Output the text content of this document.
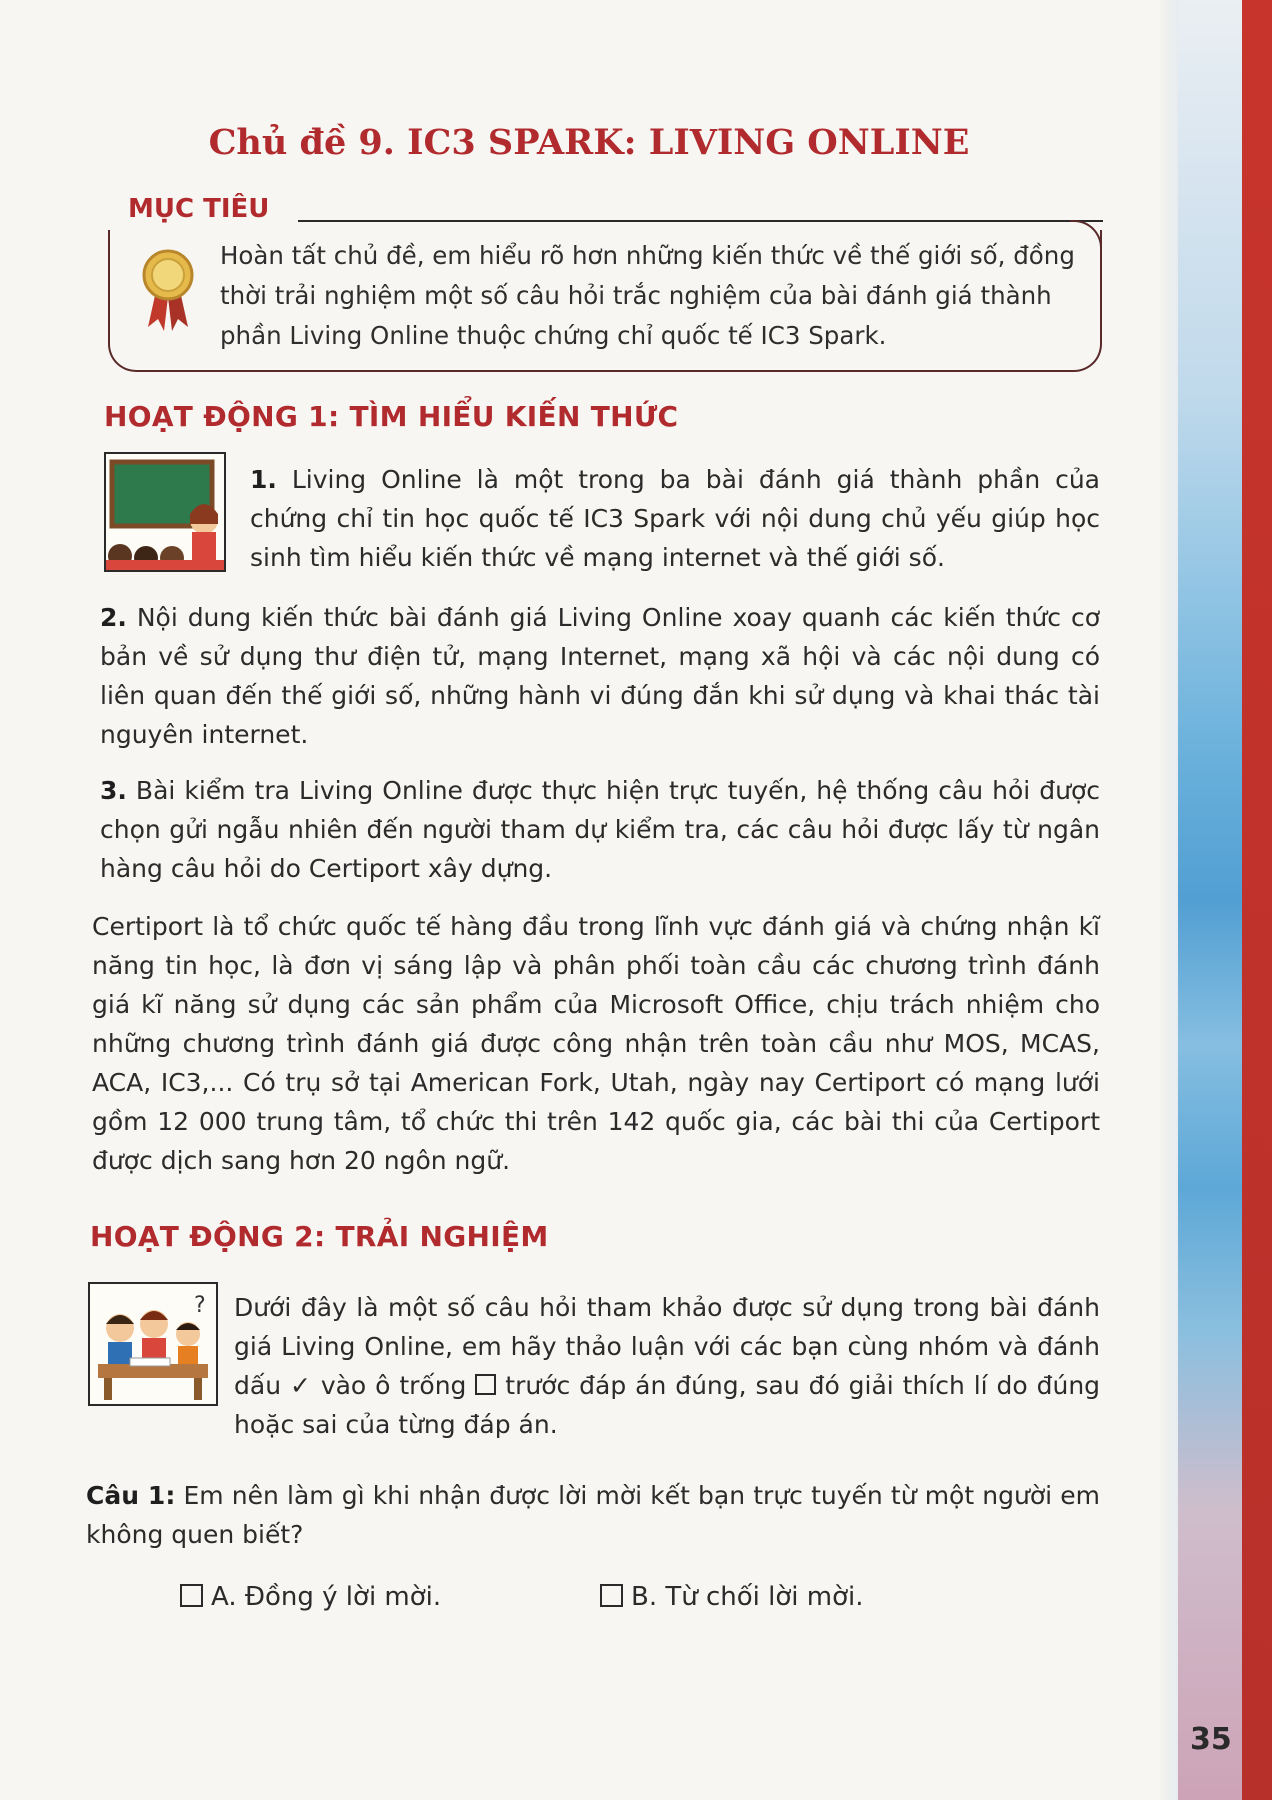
Chủ đề 9. IC3 SPARK: LIVING ONLINE
MỤC TIÊU
Hoàn tất chủ đề, em hiểu rõ hơn những kiến thức về thế giới số, đồng thời trải nghiệm một số câu hỏi trắc nghiệm của bài đánh giá thành phần Living Online thuộc chứng chỉ quốc tế IC3 Spark.
HOẠT ĐỘNG 1: TÌM HIỂU KIẾN THỨC
1. Living Online là một trong ba bài đánh giá thành phần của chứng chỉ tin học quốc tế IC3 Spark với nội dung chủ yếu giúp học sinh tìm hiểu kiến thức về mạng internet và thế giới số.
2. Nội dung kiến thức bài đánh giá Living Online xoay quanh các kiến thức cơ bản về sử dụng thư điện tử, mạng Internet, mạng xã hội và các nội dung có liên quan đến thế giới số, những hành vi đúng đắn khi sử dụng và khai thác tài nguyên internet.
3. Bài kiểm tra Living Online được thực hiện trực tuyến, hệ thống câu hỏi được chọn gửi ngẫu nhiên đến người tham dự kiểm tra, các câu hỏi được lấy từ ngân hàng câu hỏi do Certiport xây dựng.
Certiport là tổ chức quốc tế hàng đầu trong lĩnh vực đánh giá và chứng nhận kĩ năng tin học, là đơn vị sáng lập và phân phối toàn cầu các chương trình đánh giá kĩ năng sử dụng các sản phẩm của Microsoft Office, chịu trách nhiệm cho những chương trình đánh giá được công nhận trên toàn cầu như MOS, MCAS, ACA, IC3,... Có trụ sở tại American Fork, Utah, ngày nay Certiport có mạng lưới gồm 12 000 trung tâm, tổ chức thi trên 142 quốc gia, các bài thi của Certiport được dịch sang hơn 20 ngôn ngữ.
HOẠT ĐỘNG 2: TRẢI NGHIỆM
? Dưới đây là một số câu hỏi tham khảo được sử dụng trong bài đánh giá Living Online, em hãy thảo luận với các bạn cùng nhóm và đánh dấu ✓ vào ô trống trước đáp án đúng, sau đó giải thích lí do đúng hoặc sai của từng đáp án.
Câu 1: Em nên làm gì khi nhận được lời mời kết bạn trực tuyến từ một người em không quen biết?
A. Đồng ý lời mời.	B. Từ chối lời mời.
35
